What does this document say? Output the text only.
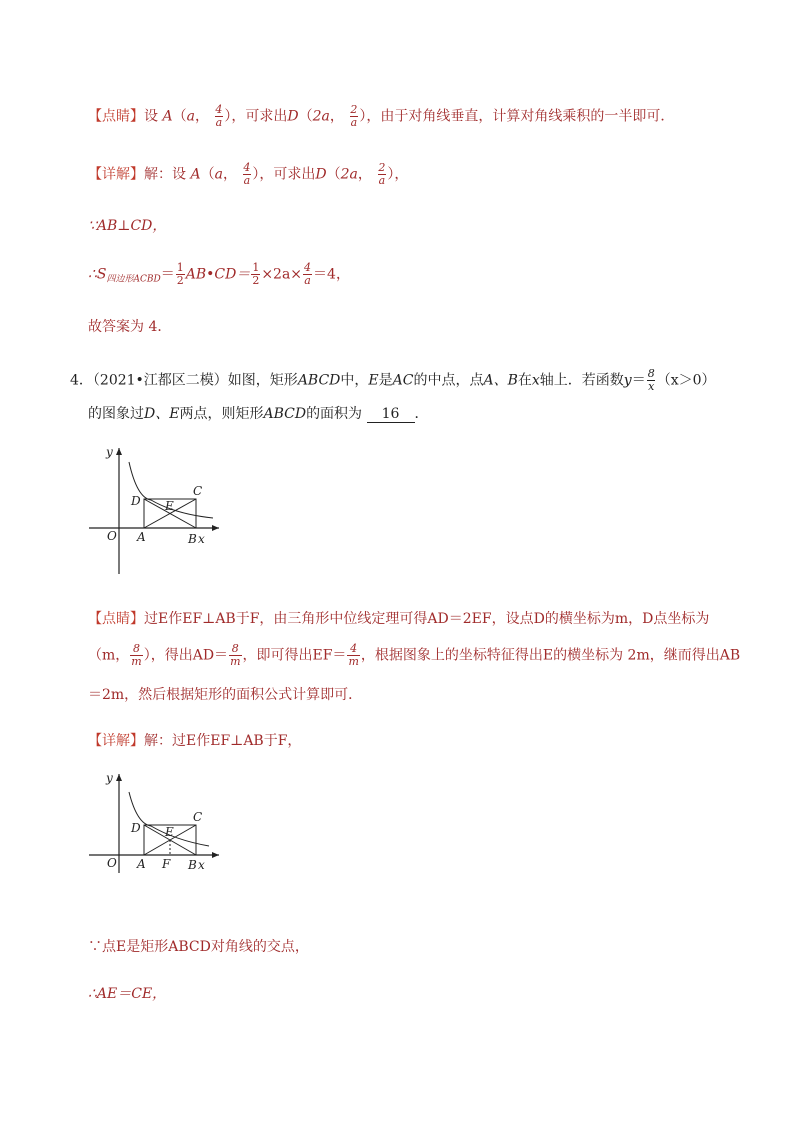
【点睛】设 A（a， $\frac{4}{a}$ ），可求出D（2a， $\frac{2}{a}$ ），由于对角线垂直，计算对角线乘积的一半即可．
【详解】解：设 A（a， $\frac{4}{a}$ ），可求出D（2a， $\frac{2}{a}$ ），
∵AB⊥CD，
$\therefore S_{四边形ACBD}= \frac{1}{2}$ AB•CD＝ $\frac{1}{2} \times 2a\times \frac{4}{a} =4$，
故答案为 4．
4．（2021•江都区二模）如图，矩形ABCD中，E是AC的中点，点A、B在x轴上．若函数$y= \frac{8}{x} (x>0)$
的图象过D、E两点，则矩形ABCD的面积为 16 ．
y
D E
C
O A	B x
【点睛】过E作EF⊥AB于F，由三角形中位线定理可得AD＝2EF，设点D的横坐标为m，D点坐标为
（m， $\frac{8}{m}$ ），得出$AD= \frac{8}{m}$ ，即可得出$EF= \frac{4}{m}$ ，根据图象上的坐标特征得出E的横坐标为 2m，继而得出AB
＝2m，然后根据矩形的面积公式计算即可．
【详解】解：过E作EF⊥AB于F，
y
D E
C
O A F B x
∵点E是矩形ABCD对角线的交点，
∴AE＝CE，
